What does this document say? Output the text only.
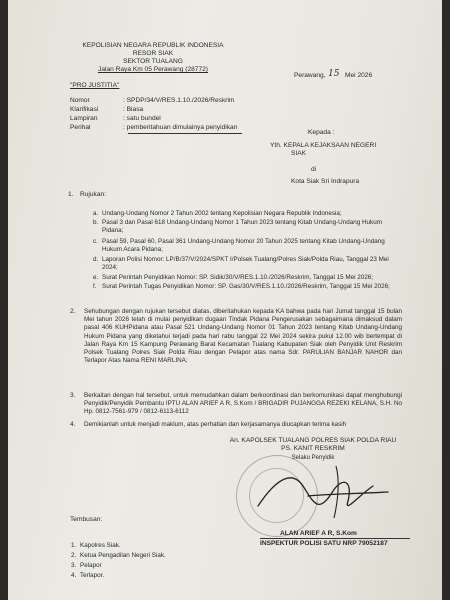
KEPOLISIAN NEGARA REPUBLIK INDONESIA
RESOR SIAK
SEKTOR TUALANG
Jalan Raya Km 05 Perawang (28772)
Perawang, 15 Mei 2026
"PRO JUSTITIA"
Nomor	: SPDP/34/V/RES.1.10./2026/Reskrim
Klarifikasi	: Biasa
Lampiran	: satu bundel
Perihal	: pemberitahuan dimulainya penyidikan
Kepada :
Yth. KEPALA KEJAKSAAN NEGERI
SIAK
di
Kota Siak Sri Indrapura
1. Rujukan:
a. Undang-Undang Nomor 2 Tahun 2002 tentang Kepolisian Negara Republik Indonesia;
b. Pasal 3 dan Pasal 618 Undang-Undang Nomor 1 Tahun 2023 tentang Kitab Undang-Undang Hukum Pidana;
c. Pasal 59, Pasal 60, Pasal 361 Undang-Undang Nomor 20 Tahun 2025 tentang Kitab Undang-Undang Hukum Acara Pidana;
d. Laporan Polisi Nomor: LP/B/37/V/2024/SPKT I/Polsek Tualang/Polres Siak/Polda Riau, Tanggal 23 Mei 2024;
e. Surat Perintah Penyidikan Nomor: SP. Sidik/30/V/RES.1.10./2026/Reskrim, Tanggal 15 Mei 2026;
f. Surat Perintah Tugas Penyidikan Nomor: SP. Gas/30/V/RES.1.10./2026/Reskrim, Tanggal 15 Mei 2026;
2. Sehubungan dengan rujukan tersebut diatas, diberitahukan kepada KA bahwa pada hari Jumat tanggal 15 bulan Mei tahun 2026 telah di mulai penyidikan dugaan Tindak Pidana Pengerusakan sebagaimana dimaksud dalam pasal 406 KUHPidana atau Pasal 521 Undang-Undang Nomor 01 Tahun 2023 tentang Kitab Undang-Undang Hukum Pidana yang diketahui terjadi pada hari rabu tanggal 22 Mei 2024 sekira pukul 12.00 wib bertempat di Jalan Raya Km 15 Kampung Perawang Barat Kecamatan Tualang Kabupaten Siak oleh Penyidik Unit Reskrim Polsek Tualang Polres Siak Polda Riau dengan Pelapor atas nama Sdr. PARULIAN BANJAR NAHOR dan Terlapor Atas Nama RENI MARLINA;
3. Berkaitan dengan hal tersebut, untuk memudahkan dalam berkoordinasi dan berkomunikasi dapat menghubungi Penyidik/Penyidik Pembantu IPTU ALAN ARIEF A R, S.Kom / BRIGADIR PUJANGGA REZEKI KELANA, S.H. No Hp. 0812-7561-979 / 0812-6113-6112
4. Demikianlah untuk menjadi maklum, atas perhatian dan kerjasamanya diucapkan terima kasih
An. KAPOLSEK TUALANG POLRES SIAK POLDA RIAU
PS. KANIT RESKRIM
Selaku Penyidik
ALAN ARIEF A R, S.Kom
INSPEKTUR POLISI SATU NRP 79052187
Tembusan:
1. Kapolres Siak.
2. Ketua Pengadilan Negeri Siak.
3. Pelapor
4. Terlapor.
